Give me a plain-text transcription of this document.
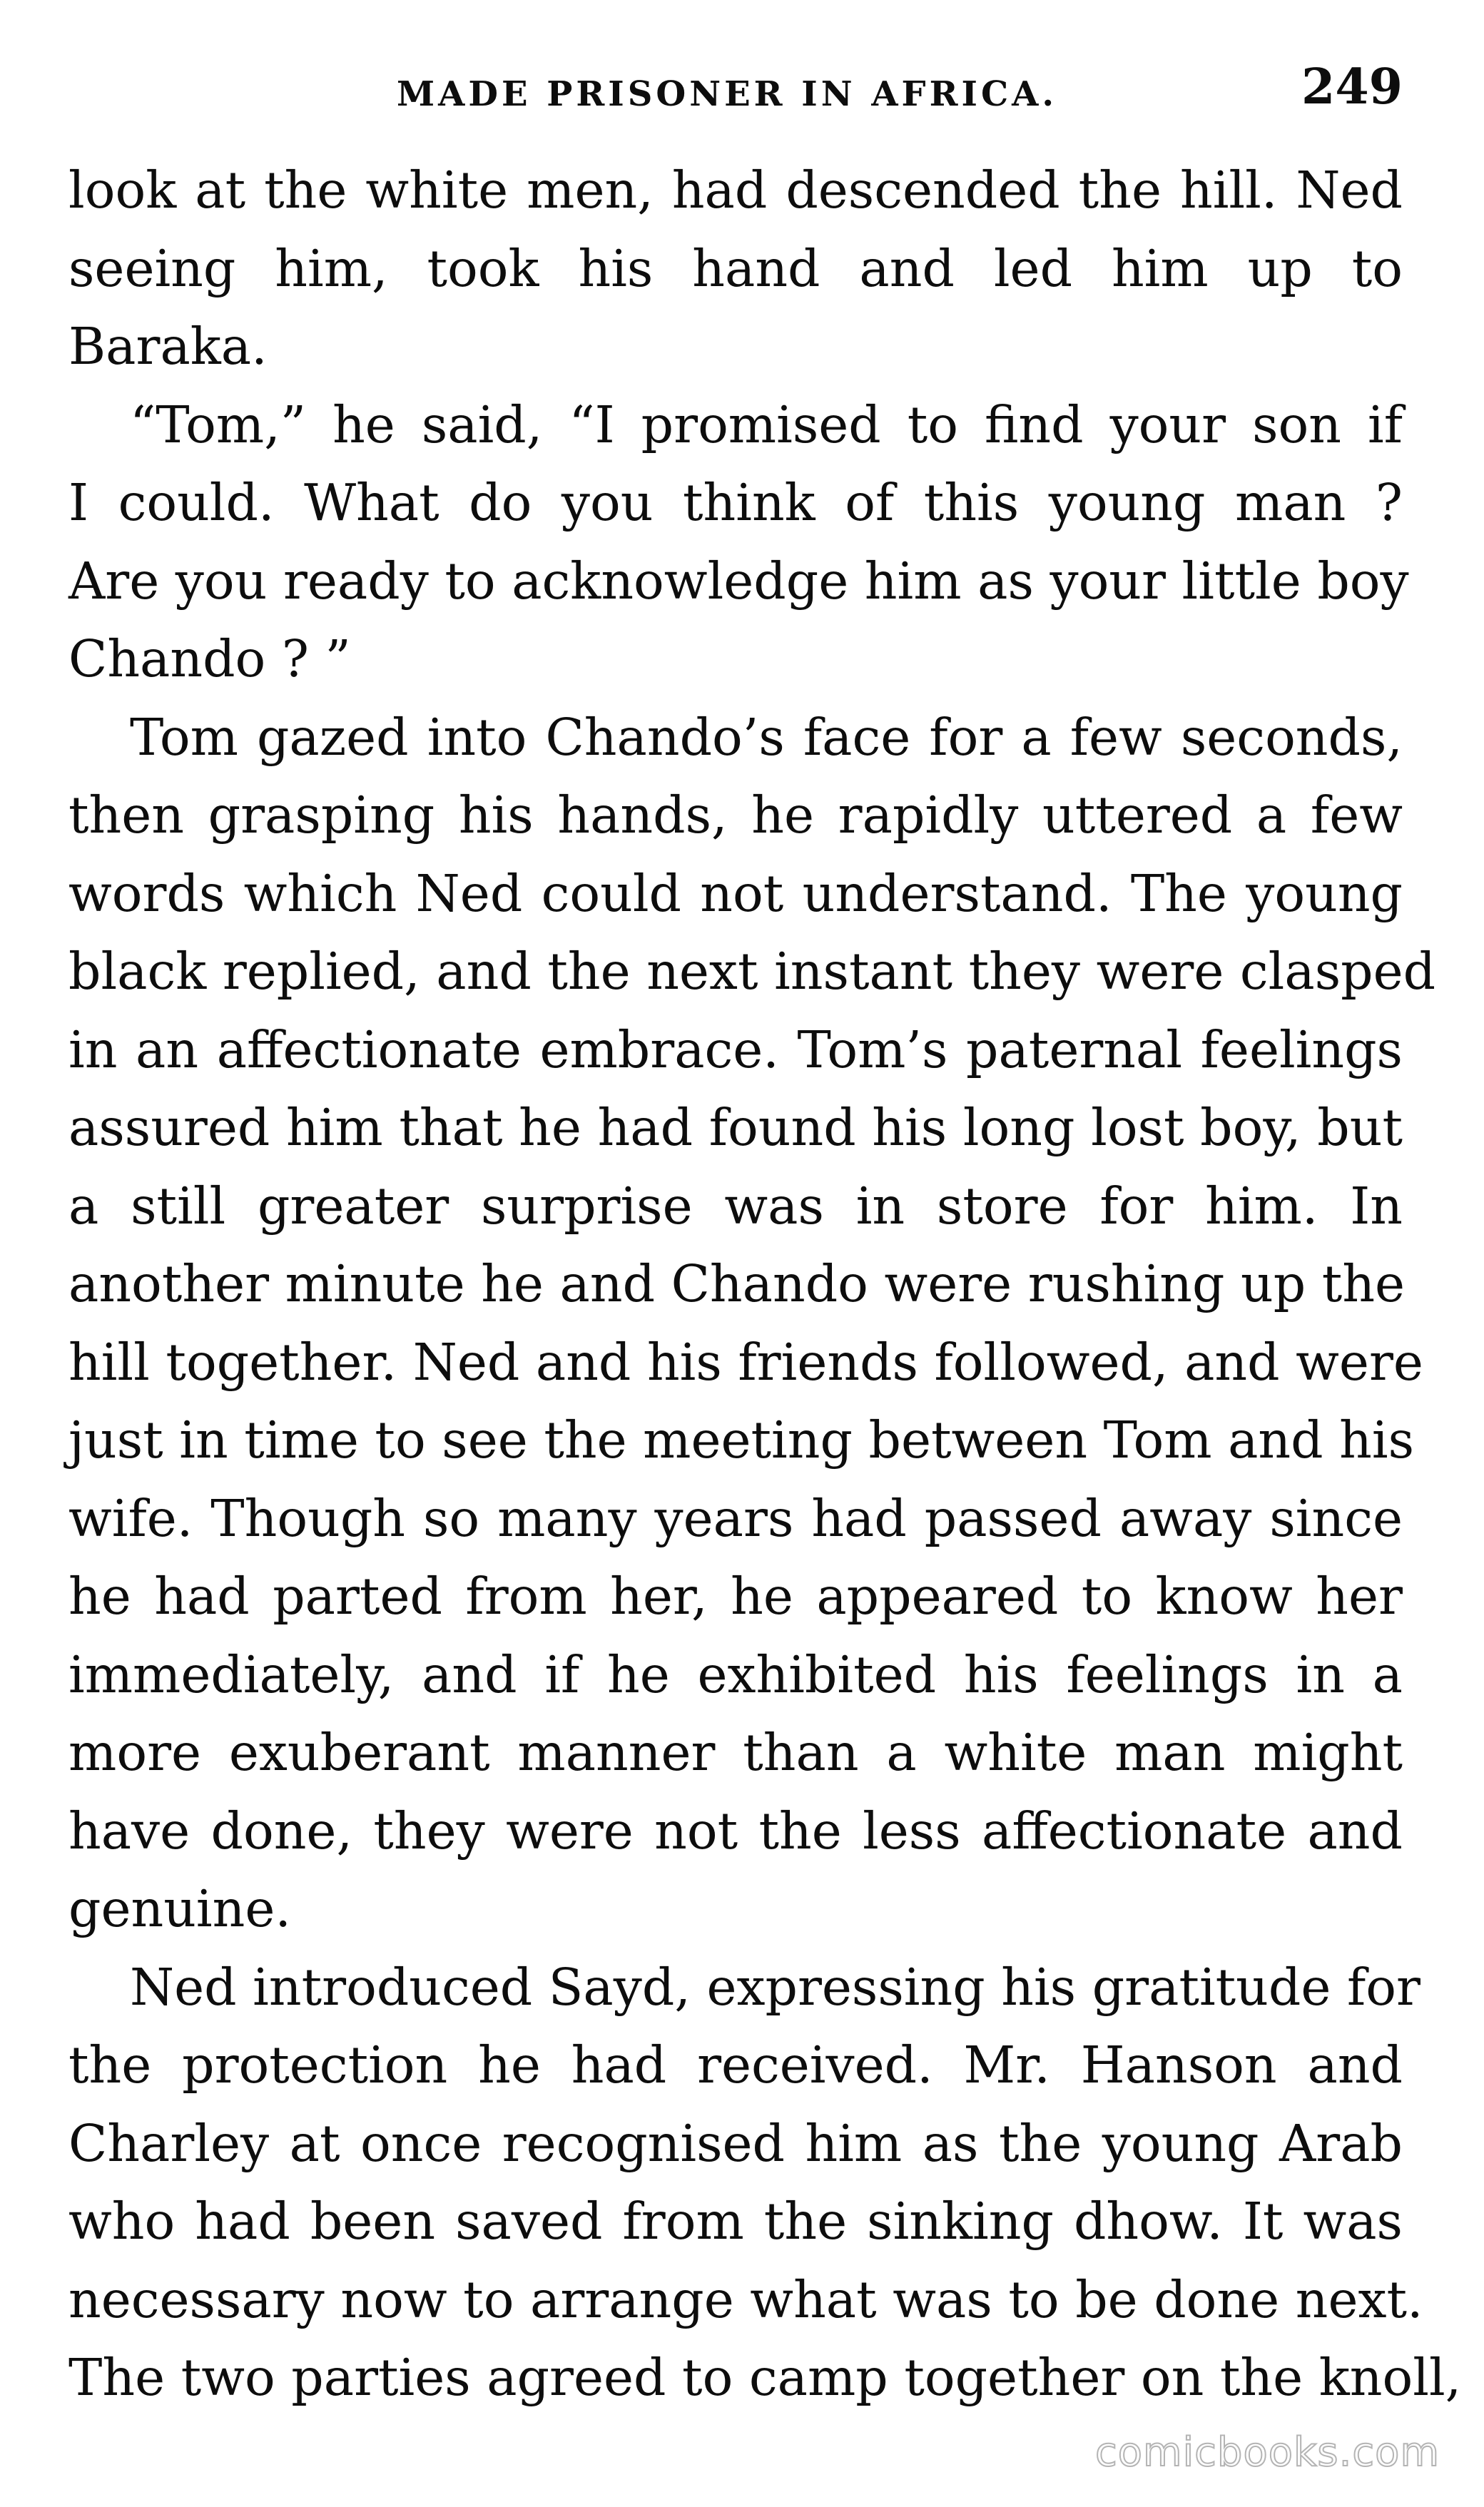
MADE PRISONER IN AFRICA.	249
look at the white men, had descended the hill. Ned
seeing him, took his hand and led him up to
Baraka.
“Tom,” he said, “I promised to find your son if
I could. What do you think of this young man ?
Are you ready to acknowledge him as your little boy
Chando ? ”
Tom gazed into Chando’s face for a few seconds,
then grasping his hands, he rapidly uttered a few
words which Ned could not understand. The young
black replied, and the next instant they were clasped
in an affectionate embrace. Tom’s paternal feelings
assured him that he had found his long lost boy, but
a still greater surprise was in store for him. In
another minute he and Chando were rushing up the
hill together. Ned and his friends followed, and were
just in time to see the meeting between Tom and his
wife. Though so many years had passed away since
he had parted from her, he appeared to know her
immediately, and if he exhibited his feelings in a
more exuberant manner than a white man might
have done, they were not the less affectionate and
genuine.
Ned introduced Sayd, expressing his gratitude for
the protection he had received. Mr. Hanson and
Charley at once recognised him as the young Arab
who had been saved from the sinking dhow. It was
necessary now to arrange what was to be done next.
The two parties agreed to camp together on the knoll,
comicbooks.com
